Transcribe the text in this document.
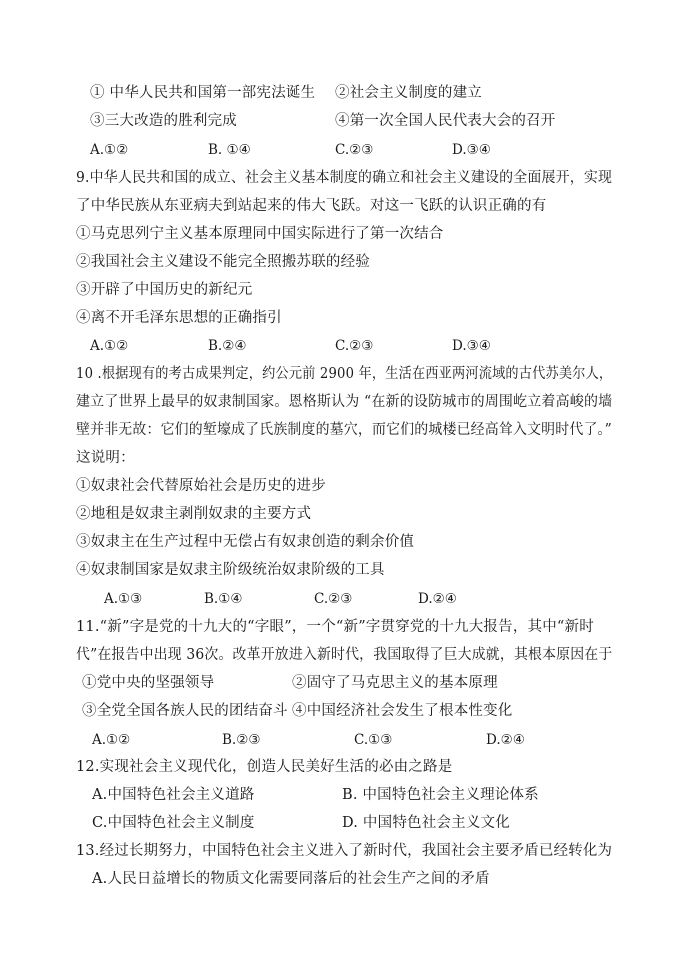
① 中华人民共和国第一部宪法诞生 ②社会主义制度的建立
③三大改造的胜利完成	④第一次全国人民代表大会的召开
A.①②	B. ①④	C.②③	D.③④
9.中华人民共和国的成立、社会主义基本制度的确立和社会主义建设的全面展开，实现
了中华民族从东亚病夫到站起来的伟大飞跃。对这一飞跃的认识正确的有
①马克思列宁主义基本原理同中国实际进行了第一次结合
②我国社会主义建设不能完全照搬苏联的经验
③开辟了中国历史的新纪元
④离不开毛泽东思想的正确指引
A.①②	B.②④	C.②③	D.③④
10 .根据现有的考古成果判定，约公元前 2900 年，生活在西亚两河流域的古代苏美尔人，
建立了世界上最早的奴隶制国家。恩格斯认为 “在新的设防城市的周围屹立着高峻的墙
壁并非无故：它们的堑壕成了氏族制度的墓穴，而它们的城楼已经高耸入文明时代了。”
这说明：
①奴隶社会代替原始社会是历史的进步
②地租是奴隶主剥削奴隶的主要方式
③奴隶主在生产过程中无偿占有奴隶创造的剩余价值
④奴隶制国家是奴隶主阶级统治奴隶阶级的工具
A.①③	B.①④	C.②③	D.②④
11.“新”字是党的十九大的“字眼”，一个“新”字贯穿党的十九大报告，其中“新时
代”在报告中出现 36次。改革开放进入新时代，我国取得了巨大成就，其根本原因在于
①党中央的坚强领导	②固守了马克思主义的基本原理
③全党全国各族人民的团结奋斗 ④中国经济社会发生了根本性变化
A.①②	B.②③	C.①③	D.②④
12.实现社会主义现代化，创造人民美好生活的必由之路是
A.中国特色社会主义道路	B. 中国特色社会主义理论体系
C.中国特色社会主义制度	D. 中国特色社会主义文化
13.经过长期努力，中国特色社会主义进入了新时代，我国社会主要矛盾已经转化为
A.人民日益增长的物质文化需要同落后的社会生产之间的矛盾
